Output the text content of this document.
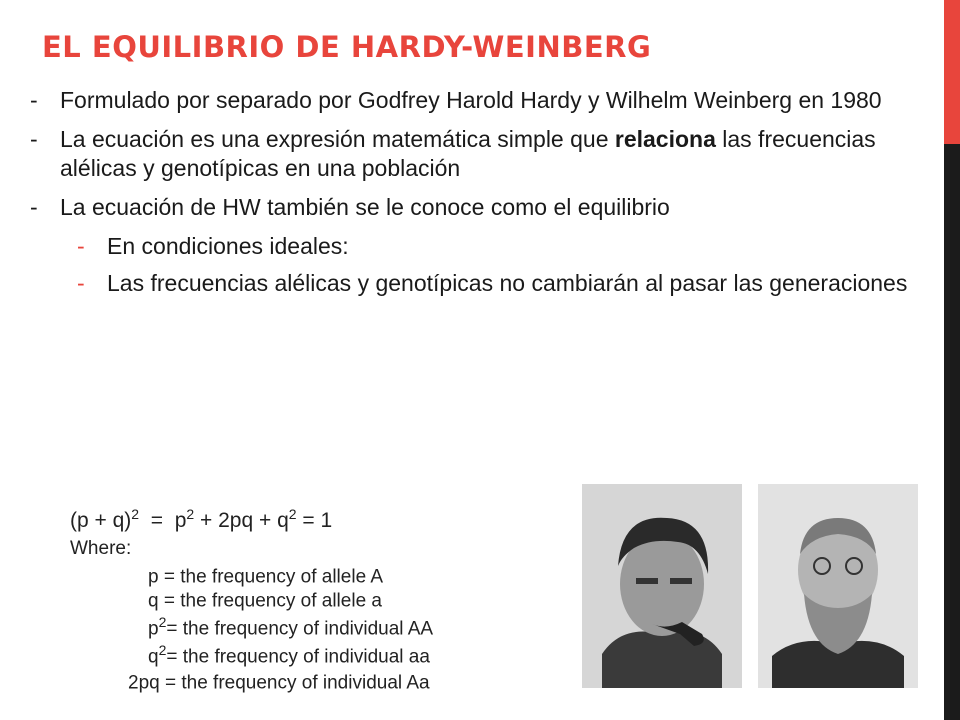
EL EQUILIBRIO DE HARDY-WEINBERG
- Formulado por separado por Godfrey Harold Hardy y Wilhelm Weinberg en 1980
- La ecuación es una expresión matemática simple que relaciona las frecuencias alélicas y genotípicas en una población
- La ecuación de HW también se le conoce como el equilibrio
- En condiciones ideales:
- Las frecuencias alélicas y genotípicas no cambiarán al pasar las generaciones
$(p + q)^2 = p^2 + 2pq + q^2 = 1$
Where:
p = the frequency of allele A
q = the frequency of allele a
$p^2=$ the frequency of individual AA
$q^2=$ the frequency of individual aa
2pq = the frequency of individual Aa
